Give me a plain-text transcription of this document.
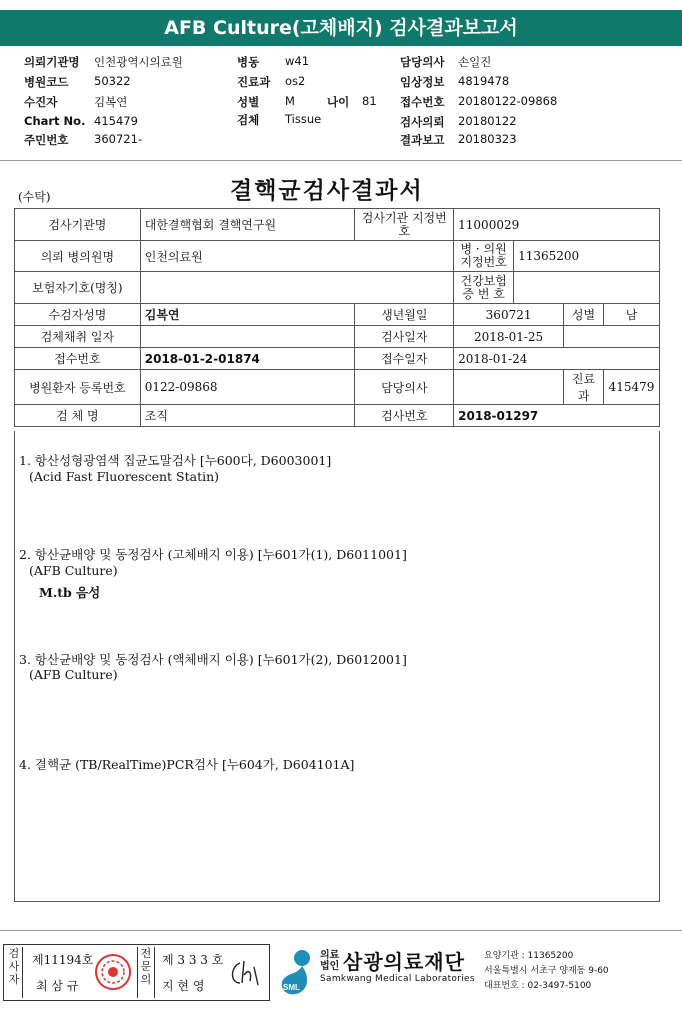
AFB Culture(고체배지) 검사결과보고서
의뢰기관명 인천광역시의료원
병원코드 50322
수진자	김복연
Chart No. 415479
주민번호 360721-
병동 w41
진료과 os2
성별 M	나이 81
검체 Tissue
담당의사 손일진
임상정보 4819478
접수번호 20180122-09868
검사의뢰 20180122
결과보고 20180323
(수탁)	결핵균검사결과서
검사기관명	대한결핵협회 결핵연구원	검사기관 지정번호	11000029			
의뢰 병의원명	인천의료원		병 · 의원 지정번호	11365200		
보험자기호(명칭)			건강보험 증 번 호			
수검자성명	김복연	생년월일	360721		성별	남
검체채취 일자		검사일자	2018-01-25			
접수번호	2018-01-2-01874	접수일자	2018-01-24			
병원환자 등록번호	0122-09868	담당의사			진료과	415479
검 체 명	조직	검사번호	2018-01297			
1. 항산성형광염색 집균도말검사 [누600다, D6003001]
(Acid Fast Fluorescent Statin)
2. 항산균배양 및 동정검사 (고체배지 이용) [누601가(1), D6011001]
(AFB Culture)
M.tb 음성
3. 항산균배양 및 동정검사 (액체배지 이용) [누601가(2), D6012001]
(AFB Culture)
4. 결핵균 (TB/RealTime)PCR검사 [누604가, D604101A]
검사자
제11194호
최 삼 규
전문의
제 3 3 3 호
지 현 영	SML
의료법인 삼광의료재단
Samkwang Medical Laboratories
요양기관 : 11365200
서울특별시 서초구 양재동 9-60
대표번호 : 02-3497-5100
